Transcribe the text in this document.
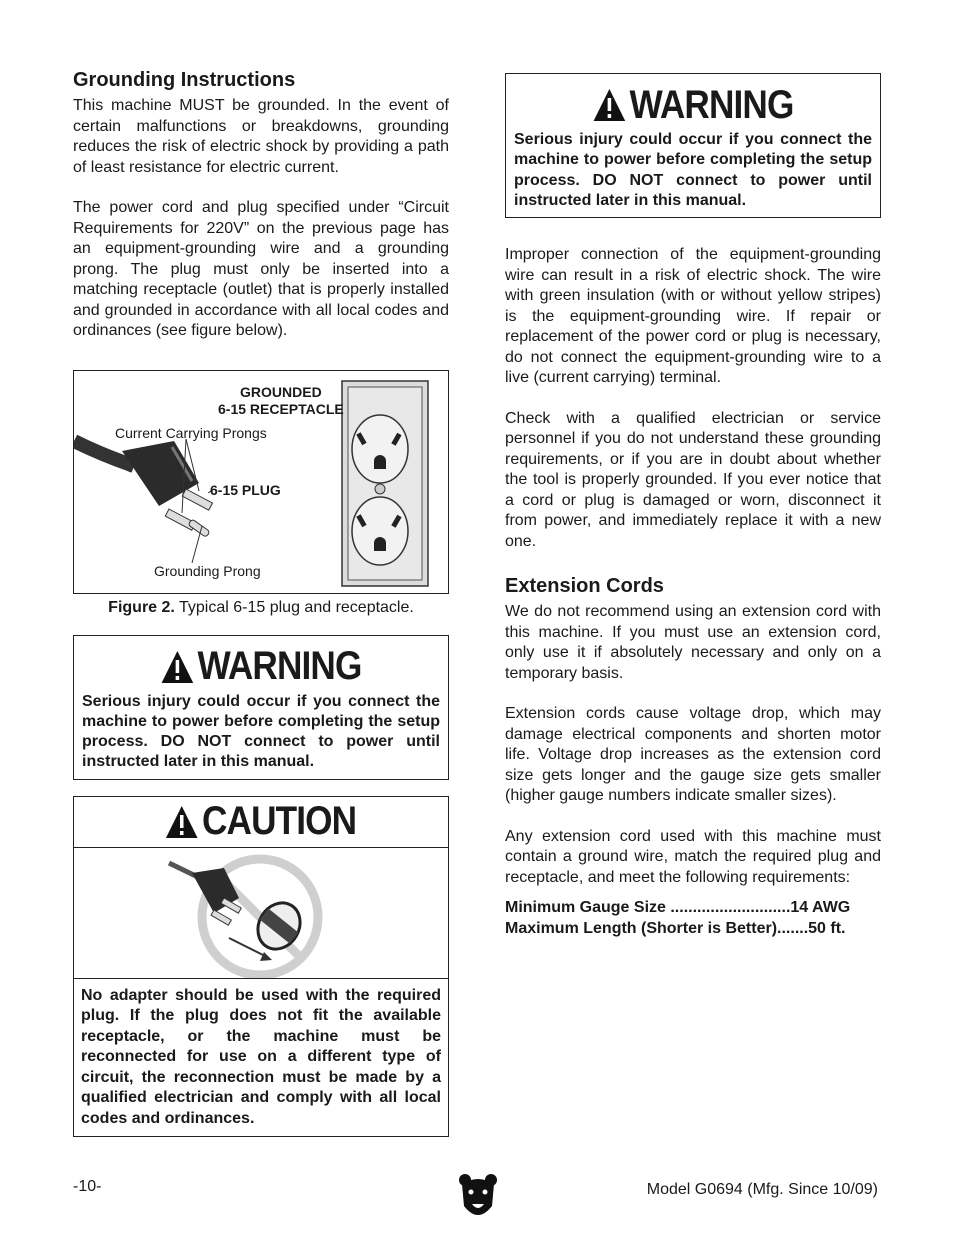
Grounding Instructions

This machine MUST be grounded. In the event of certain malfunctions or breakdowns, grounding reduces the risk of electric shock by providing a path of least resistance for electric current.

The power cord and plug specified under “Circuit Requirements for 220V” on the previous page has an equipment-grounding wire and a grounding prong. The plug must only be inserted into a matching receptacle (outlet) that is properly installed and grounded in accordance with all local codes and ordinances (see figure below).

GROUNDED
6-15 RECEPTACLE
Current Carrying Prongs
6-15 PLUG
Grounding Prong
Figure 2. Typical 6-15 plug and receptacle.
WARNING
Serious injury could occur if you connect the machine to power before completing the setup process. DO NOT connect to power until instructed later in this manual.
CAUTION
No adapter should be used with the required plug. If the plug does not fit the available receptacle, or the machine must be reconnected for use on a different type of circuit, the reconnection must be made by a qualified electrician and comply with all local codes and ordinances.
WARNING
Serious injury could occur if you connect the machine to power before completing the setup process. DO NOT connect to power until instructed later in this manual.

Improper connection of the equipment-grounding wire can result in a risk of electric shock. The wire with green insulation (with or without yellow stripes) is the equipment-grounding wire. If repair or replacement of the power cord or plug is necessary, do not connect the equipment-grounding wire to a live (current carrying) terminal.

Check with a qualified electrician or service personnel if you do not understand these grounding requirements, or if you are in doubt about whether the tool is properly grounded. If you ever notice that a cord or plug is damaged or worn, disconnect it from power, and immediately replace it with a new one.

Extension Cords

We do not recommend using an extension cord with this machine. If you must use an extension cord, only use it if absolutely necessary and only on a temporary basis.

Extension cords cause voltage drop, which may damage electrical components and shorten motor life. Voltage drop increases as the extension cord size gets longer and the gauge size gets smaller (higher gauge numbers indicate smaller sizes).

Any extension cord used with this machine must contain a ground wire, match the required plug and receptacle, and meet the following requirements:

Minimum Gauge Size ...........................14 AWG
Maximum Length (Shorter is Better).......50 ft.
-10-	Model G0694 (Mfg. Since 10/09)
